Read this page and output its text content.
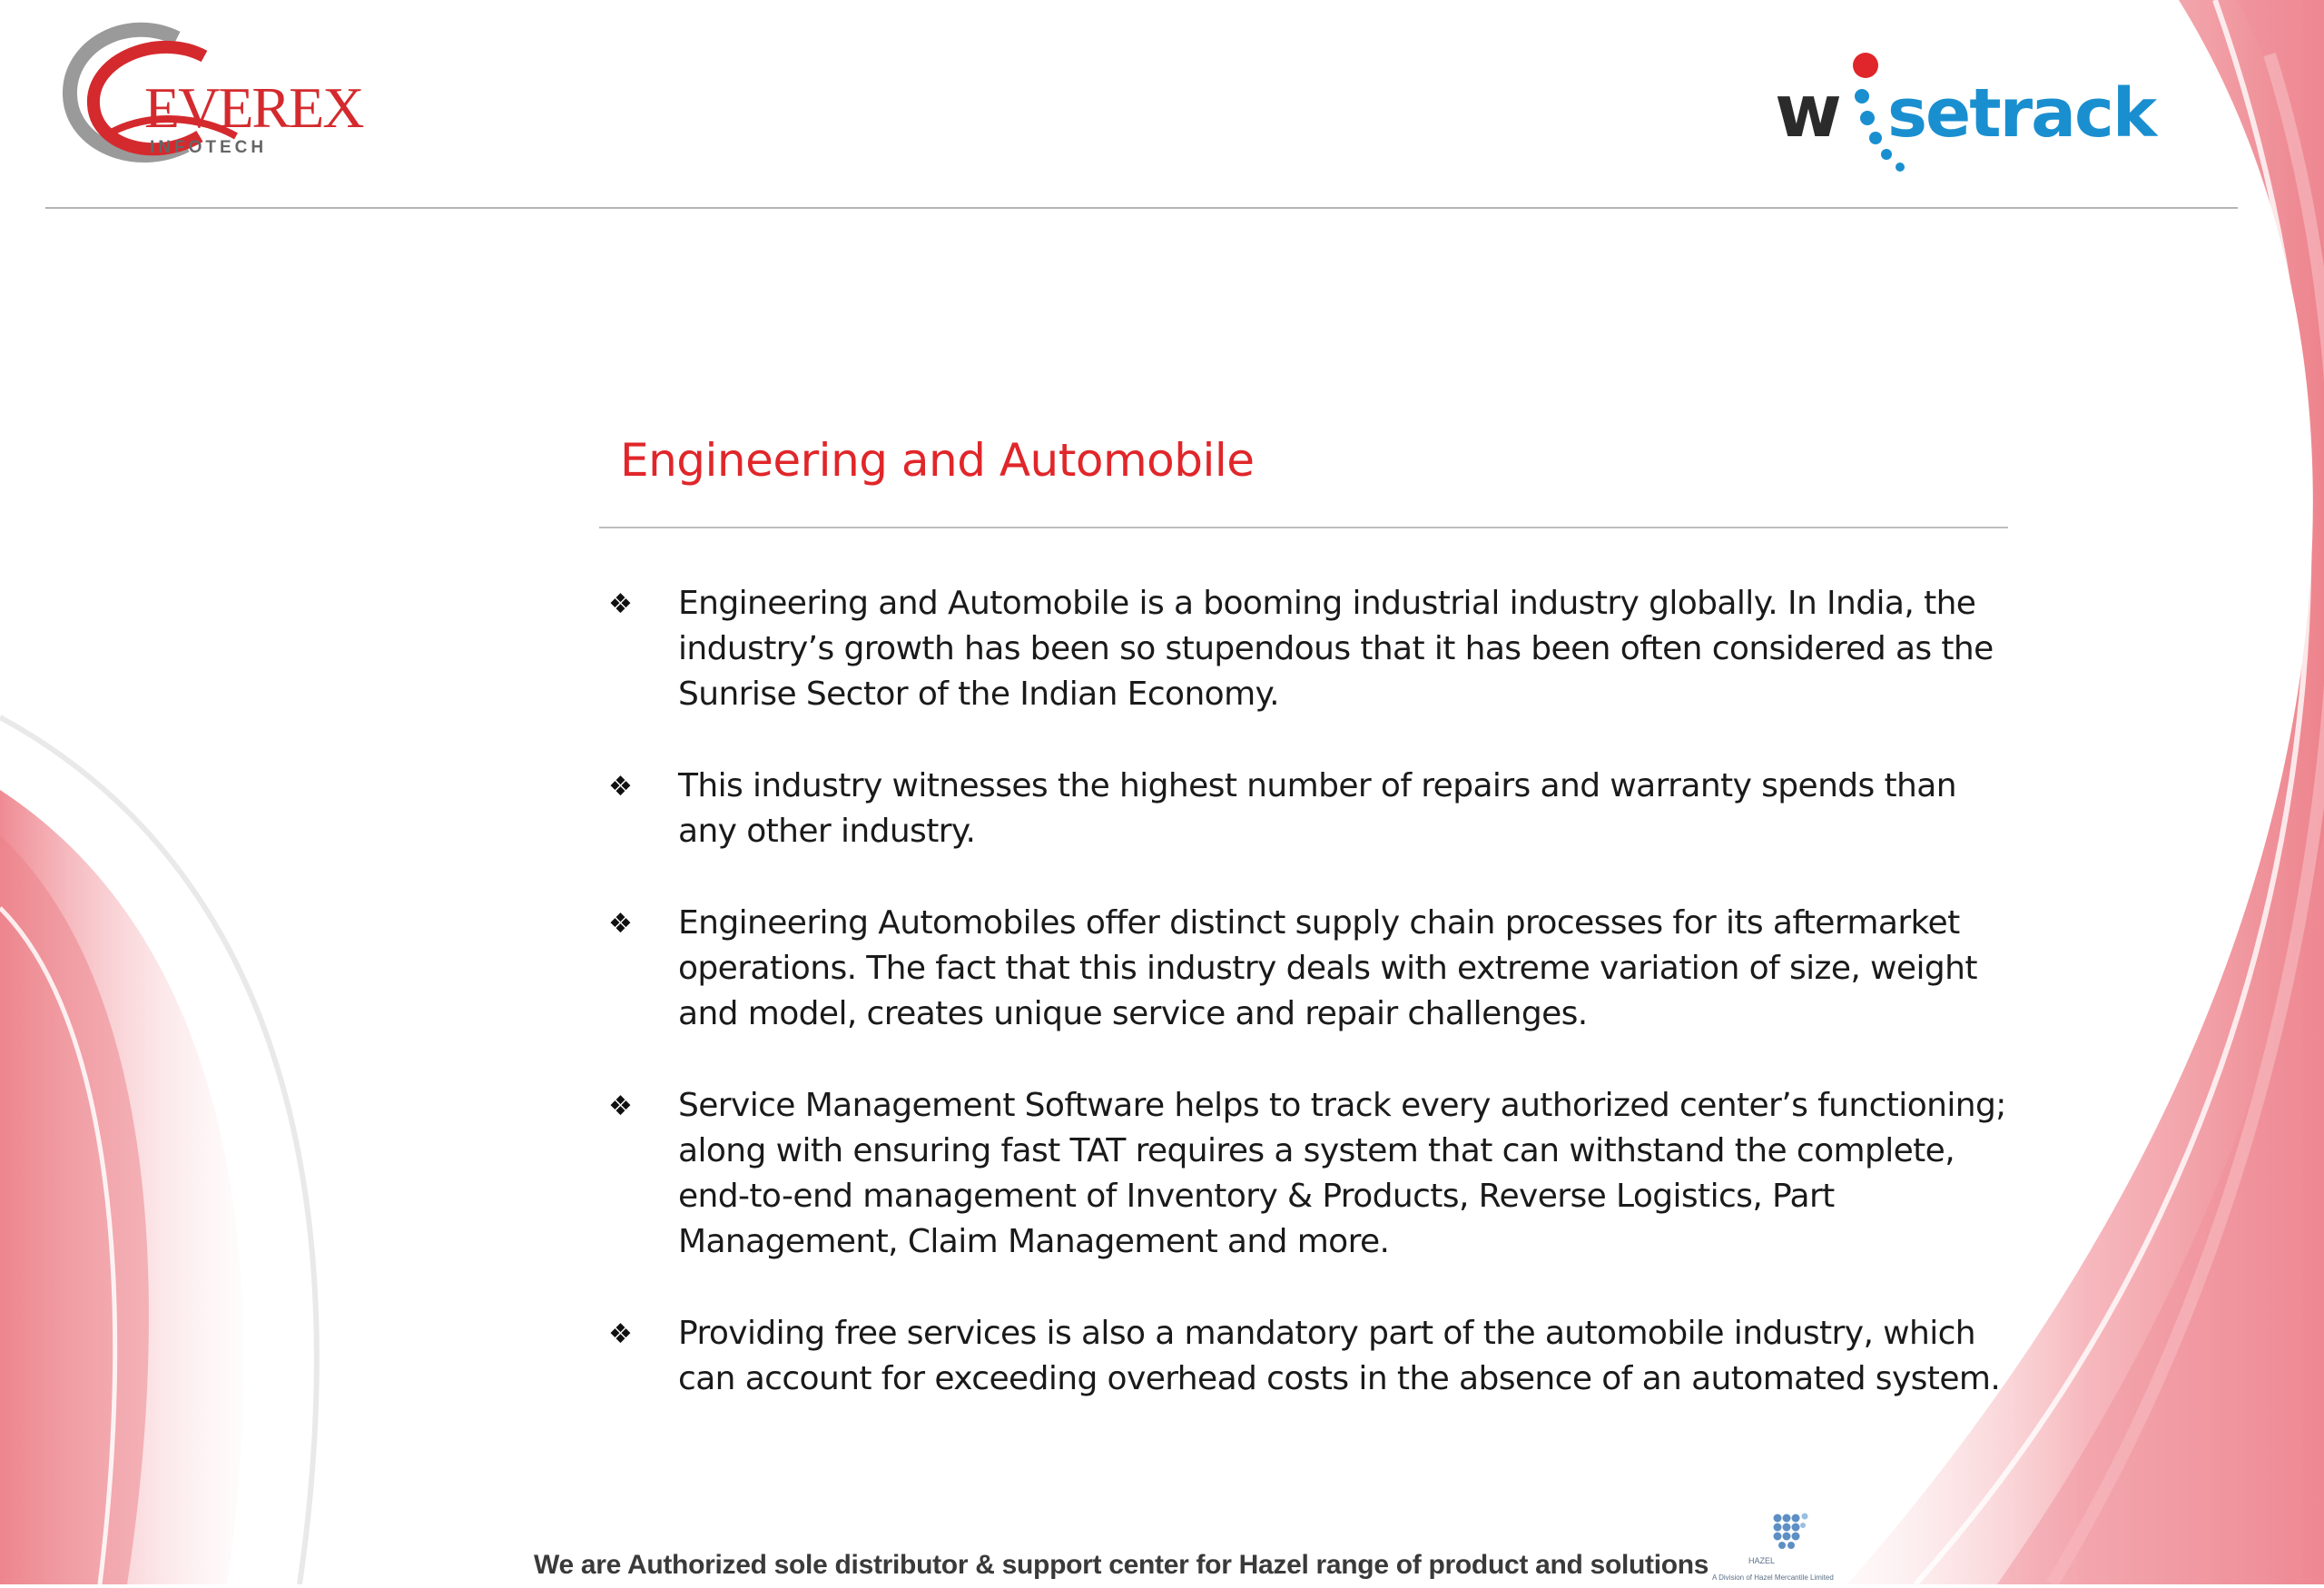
EVEREX
INFOTECH	w setrack
Engineering and Automobile
❖ Engineering and Automobile is a booming industrial industry globally. In India, the industry’s growth has been so stupendous that it has been often considered as the Sunrise Sector of the Indian Economy.
❖ This industry witnesses the highest number of repairs and warranty spends than any other industry.
❖ Engineering Automobiles offer distinct supply chain processes for its aftermarket operations. The fact that this industry deals with extreme variation of size, weight and model, creates unique service and repair challenges.
❖ Service Management Software helps to track every authorized center’s functioning; along with ensuring fast TAT requires a system that can withstand the complete, end-to-end management of Inventory & Products, Reverse Logistics, Part Management, Claim Management and more.
❖ Providing free services is also a mandatory part of the automobile industry, which can account for exceeding overhead costs in the absence of an automated system.
We are Authorized sole distributor & support center for Hazel range of product and solutions	HAZEL
A Division of Hazel Mercantile Limited
